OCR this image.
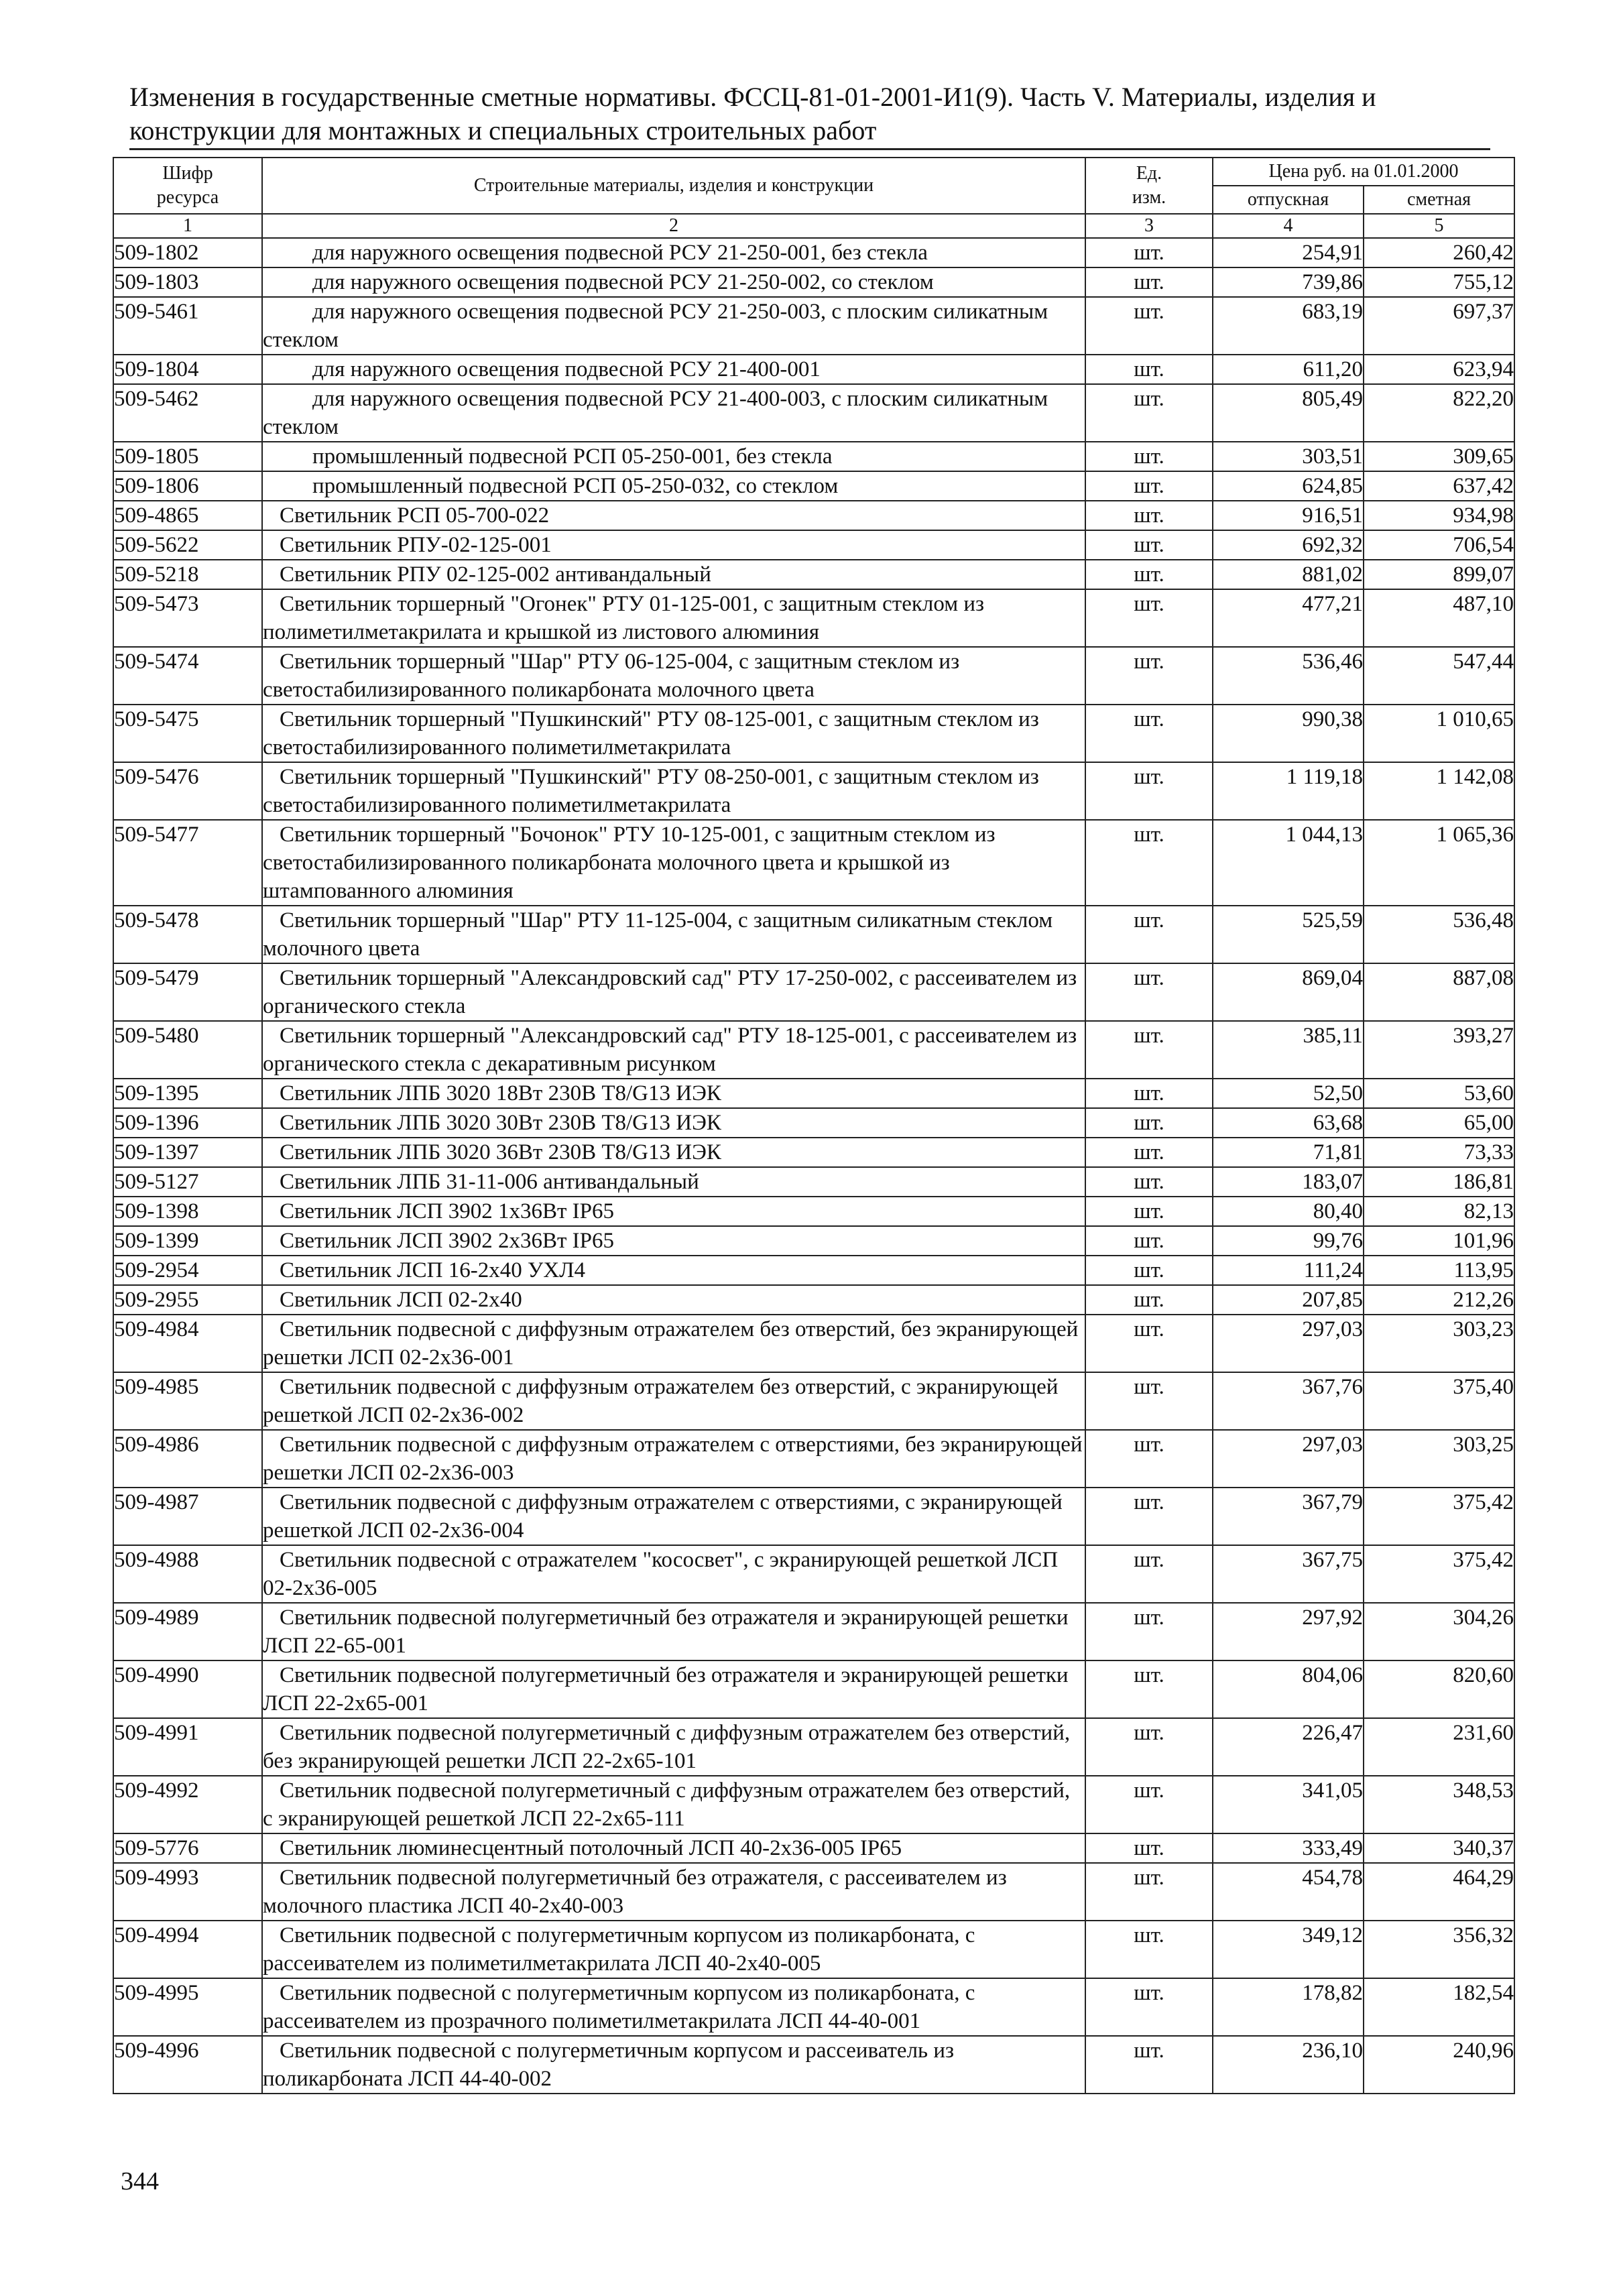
Изменения в государственные сметные нормативы. ФССЦ-81-01-2001-И1(9). Часть V. Материалы, изделия и
конструкции для монтажных и специальных строительных работ
Шифр ресурса	Строительные материалы, изделия и конструкции	Ед. изм.	Цена руб. на 01.01.2000	
			отпускная	сметная
1	2	3	4	5
509-1802	для наружного освещения подвесной РСУ 21-250-001, без стекла	шт.	254,91	260,42
509-1803	для наружного освещения подвесной РСУ 21-250-002, со стеклом	шт.	739,86	755,12
509-5461	для наружного освещения подвесной РСУ 21-250-003, с плоским силикатным стеклом	шт.	683,19	697,37
509-1804	для наружного освещения подвесной РСУ 21-400-001	шт.	611,20	623,94
509-5462	для наружного освещения подвесной РСУ 21-400-003, с плоским силикатным стеклом	шт.	805,49	822,20
509-1805	промышленный подвесной РСП 05-250-001, без стекла	шт.	303,51	309,65
509-1806	промышленный подвесной РСП 05-250-032, со стеклом	шт.	624,85	637,42
509-4865	Светильник РСП 05-700-022	шт.	916,51	934,98
509-5622	Светильник РПУ-02-125-001	шт.	692,32	706,54
509-5218	Светильник РПУ 02-125-002 антивандальный	шт.	881,02	899,07
509-5473	Светильник торшерный "Огонек" РТУ 01-125-001, с защитным стеклом из полиметилметакрилата и крышкой из листового алюминия	шт.	477,21	487,10
509-5474	Светильник торшерный "Шар" РТУ 06-125-004, с защитным стеклом из светостабилизированного поликарбоната молочного цвета	шт.	536,46	547,44
509-5475	Светильник торшерный "Пушкинский" РТУ 08-125-001, с защитным стеклом из светостабилизированного полиметилметакрилата	шт.	990,38	1 010,65
509-5476	Светильник торшерный "Пушкинский" РТУ 08-250-001, с защитным стеклом из светостабилизированного полиметилметакрилата	шт.	1 119,18	1 142,08
509-5477	Светильник торшерный "Бочонок" РТУ 10-125-001, с защитным стеклом из светостабилизированного поликарбоната молочного цвета и крышкой из штампованного алюминия	шт.	1 044,13	1 065,36
509-5478	Светильник торшерный "Шар" РТУ 11-125-004, с защитным силикатным стеклом молочного цвета	шт.	525,59	536,48
509-5479	Светильник торшерный "Александровский сад" РТУ 17-250-002, с рассеивателем из органического стекла	шт.	869,04	887,08
509-5480	Светильник торшерный "Александровский сад" РТУ 18-125-001, с рассеивателем из органического стекла с декаративным рисунком	шт.	385,11	393,27
509-1395	Светильник ЛПБ 3020 18Вт 230В T8/G13 ИЭК	шт.	52,50	53,60
509-1396	Светильник ЛПБ 3020 30Вт 230В T8/G13 ИЭК	шт.	63,68	65,00
509-1397	Светильник ЛПБ 3020 36Вт 230В T8/G13 ИЭК	шт.	71,81	73,33
509-5127	Светильник ЛПБ 31-11-006 антивандальный	шт.	183,07	186,81
509-1398	Светильник ЛСП 3902 1х36Вт IP65	шт.	80,40	82,13
509-1399	Светильник ЛСП 3902 2х36Вт IP65	шт.	99,76	101,96
509-2954	Светильник ЛСП 16-2х40 УХЛ4	шт.	111,24	113,95
509-2955	Светильник ЛСП 02-2х40	шт.	207,85	212,26
509-4984	Светильник подвесной с диффузным отражателем без отверстий, без экранирующей решетки ЛСП 02-2х36-001	шт.	297,03	303,23
509-4985	Светильник подвесной с диффузным отражателем без отверстий, с экранирующей решеткой ЛСП 02-2х36-002	шт.	367,76	375,40
509-4986	Светильник подвесной с диффузным отражателем с отверстиями, без экранирующей решетки ЛСП 02-2х36-003	шт.	297,03	303,25
509-4987	Светильник подвесной с диффузным отражателем с отверстиями, с экранирующей решеткой ЛСП 02-2х36-004	шт.	367,79	375,42
509-4988	Светильник подвесной с отражателем "кососвет", с экранирующей решеткой ЛСП 02-2х36-005	шт.	367,75	375,42
509-4989	Светильник подвесной полугерметичный без отражателя и экранирующей решетки ЛСП 22-65-001	шт.	297,92	304,26
509-4990	Светильник подвесной полугерметичный без отражателя и экранирующей решетки ЛСП 22-2х65-001	шт.	804,06	820,60
509-4991	Светильник подвесной полугерметичный с диффузным отражателем без отверстий, без экранирующей решетки ЛСП 22-2х65-101	шт.	226,47	231,60
509-4992	Светильник подвесной полугерметичный с диффузным отражателем без отверстий, с экранирующей решеткой ЛСП 22-2х65-111	шт.	341,05	348,53
509-5776	Светильник люминесцентный потолочный ЛСП 40-2х36-005 IP65	шт.	333,49	340,37
509-4993	Светильник подвесной полугерметичный без отражателя, с рассеивателем из молочного пластика ЛСП 40-2х40-003	шт.	454,78	464,29
509-4994	Светильник подвесной с полугерметичным корпусом из поликарбоната, с рассеивателем из полиметилметакрилата ЛСП 40-2х40-005	шт.	349,12	356,32
509-4995	Светильник подвесной с полугерметичным корпусом из поликарбоната, с рассеивателем из прозрачного полиметилметакрилата ЛСП 44-40-001	шт.	178,82	182,54
509-4996	Светильник подвесной с полугерметичным корпусом и рассеиватель из поликарбоната ЛСП 44-40-002	шт.	236,10	240,96
344
